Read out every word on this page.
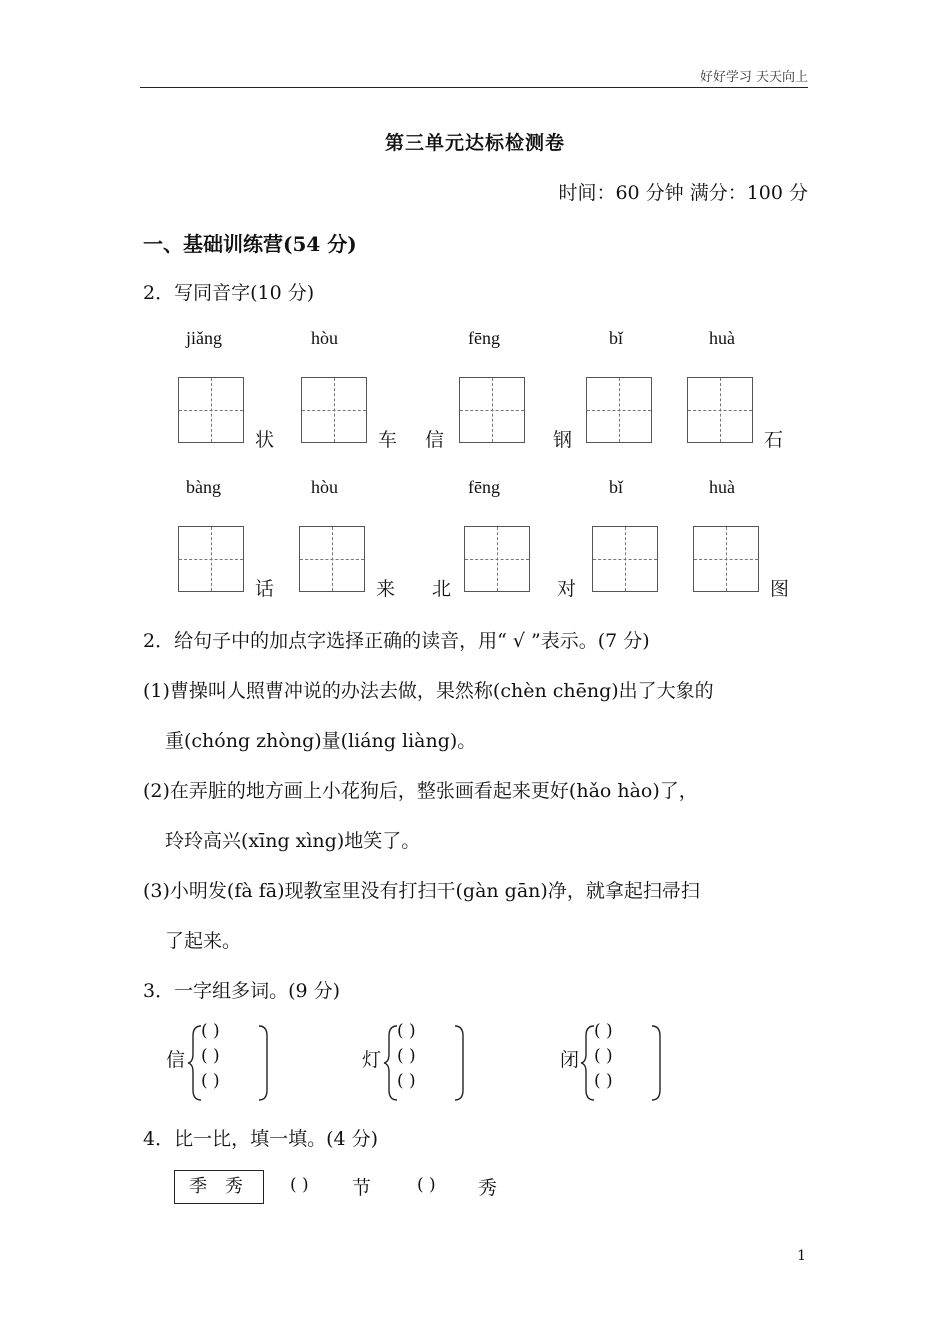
好好学习 天天向上
第三单元达标检测卷
时间：60 分钟 满分：100 分
一、基础训练营(54 分)
2．写同音字(10 分)
jiǎng	hòu	fēng	bǐ	huà
状	车 信	钢	石
bàng	hòu	fēng	bǐ	huà
话	来 北	对	图
2．给句子中的加点字选择正确的读音，用“ √ ”表示。(7 分)
(1)曹操叫人照曹冲说的办法去做，果然称(chèn chēng)出了大象的
重(chóng zhòng)量(liáng liàng)。
(2)在弄脏的地方画上小花狗后，整张画看起来更好(hǎo hào)了，
玲玲高兴(xīng xìng)地笑了。
(3)小明发(fà fā)现教室里没有打扫干(gàn gān)净，就拿起扫帚扫
了起来。
3．一字组多词。(9 分)
信
( )
( )
( )
灯
( )
( )
( )
闭
( )
( )
( )
4．比一比，填一填。(4 分)
季 秀	( ) 节	( ) 秀
1
